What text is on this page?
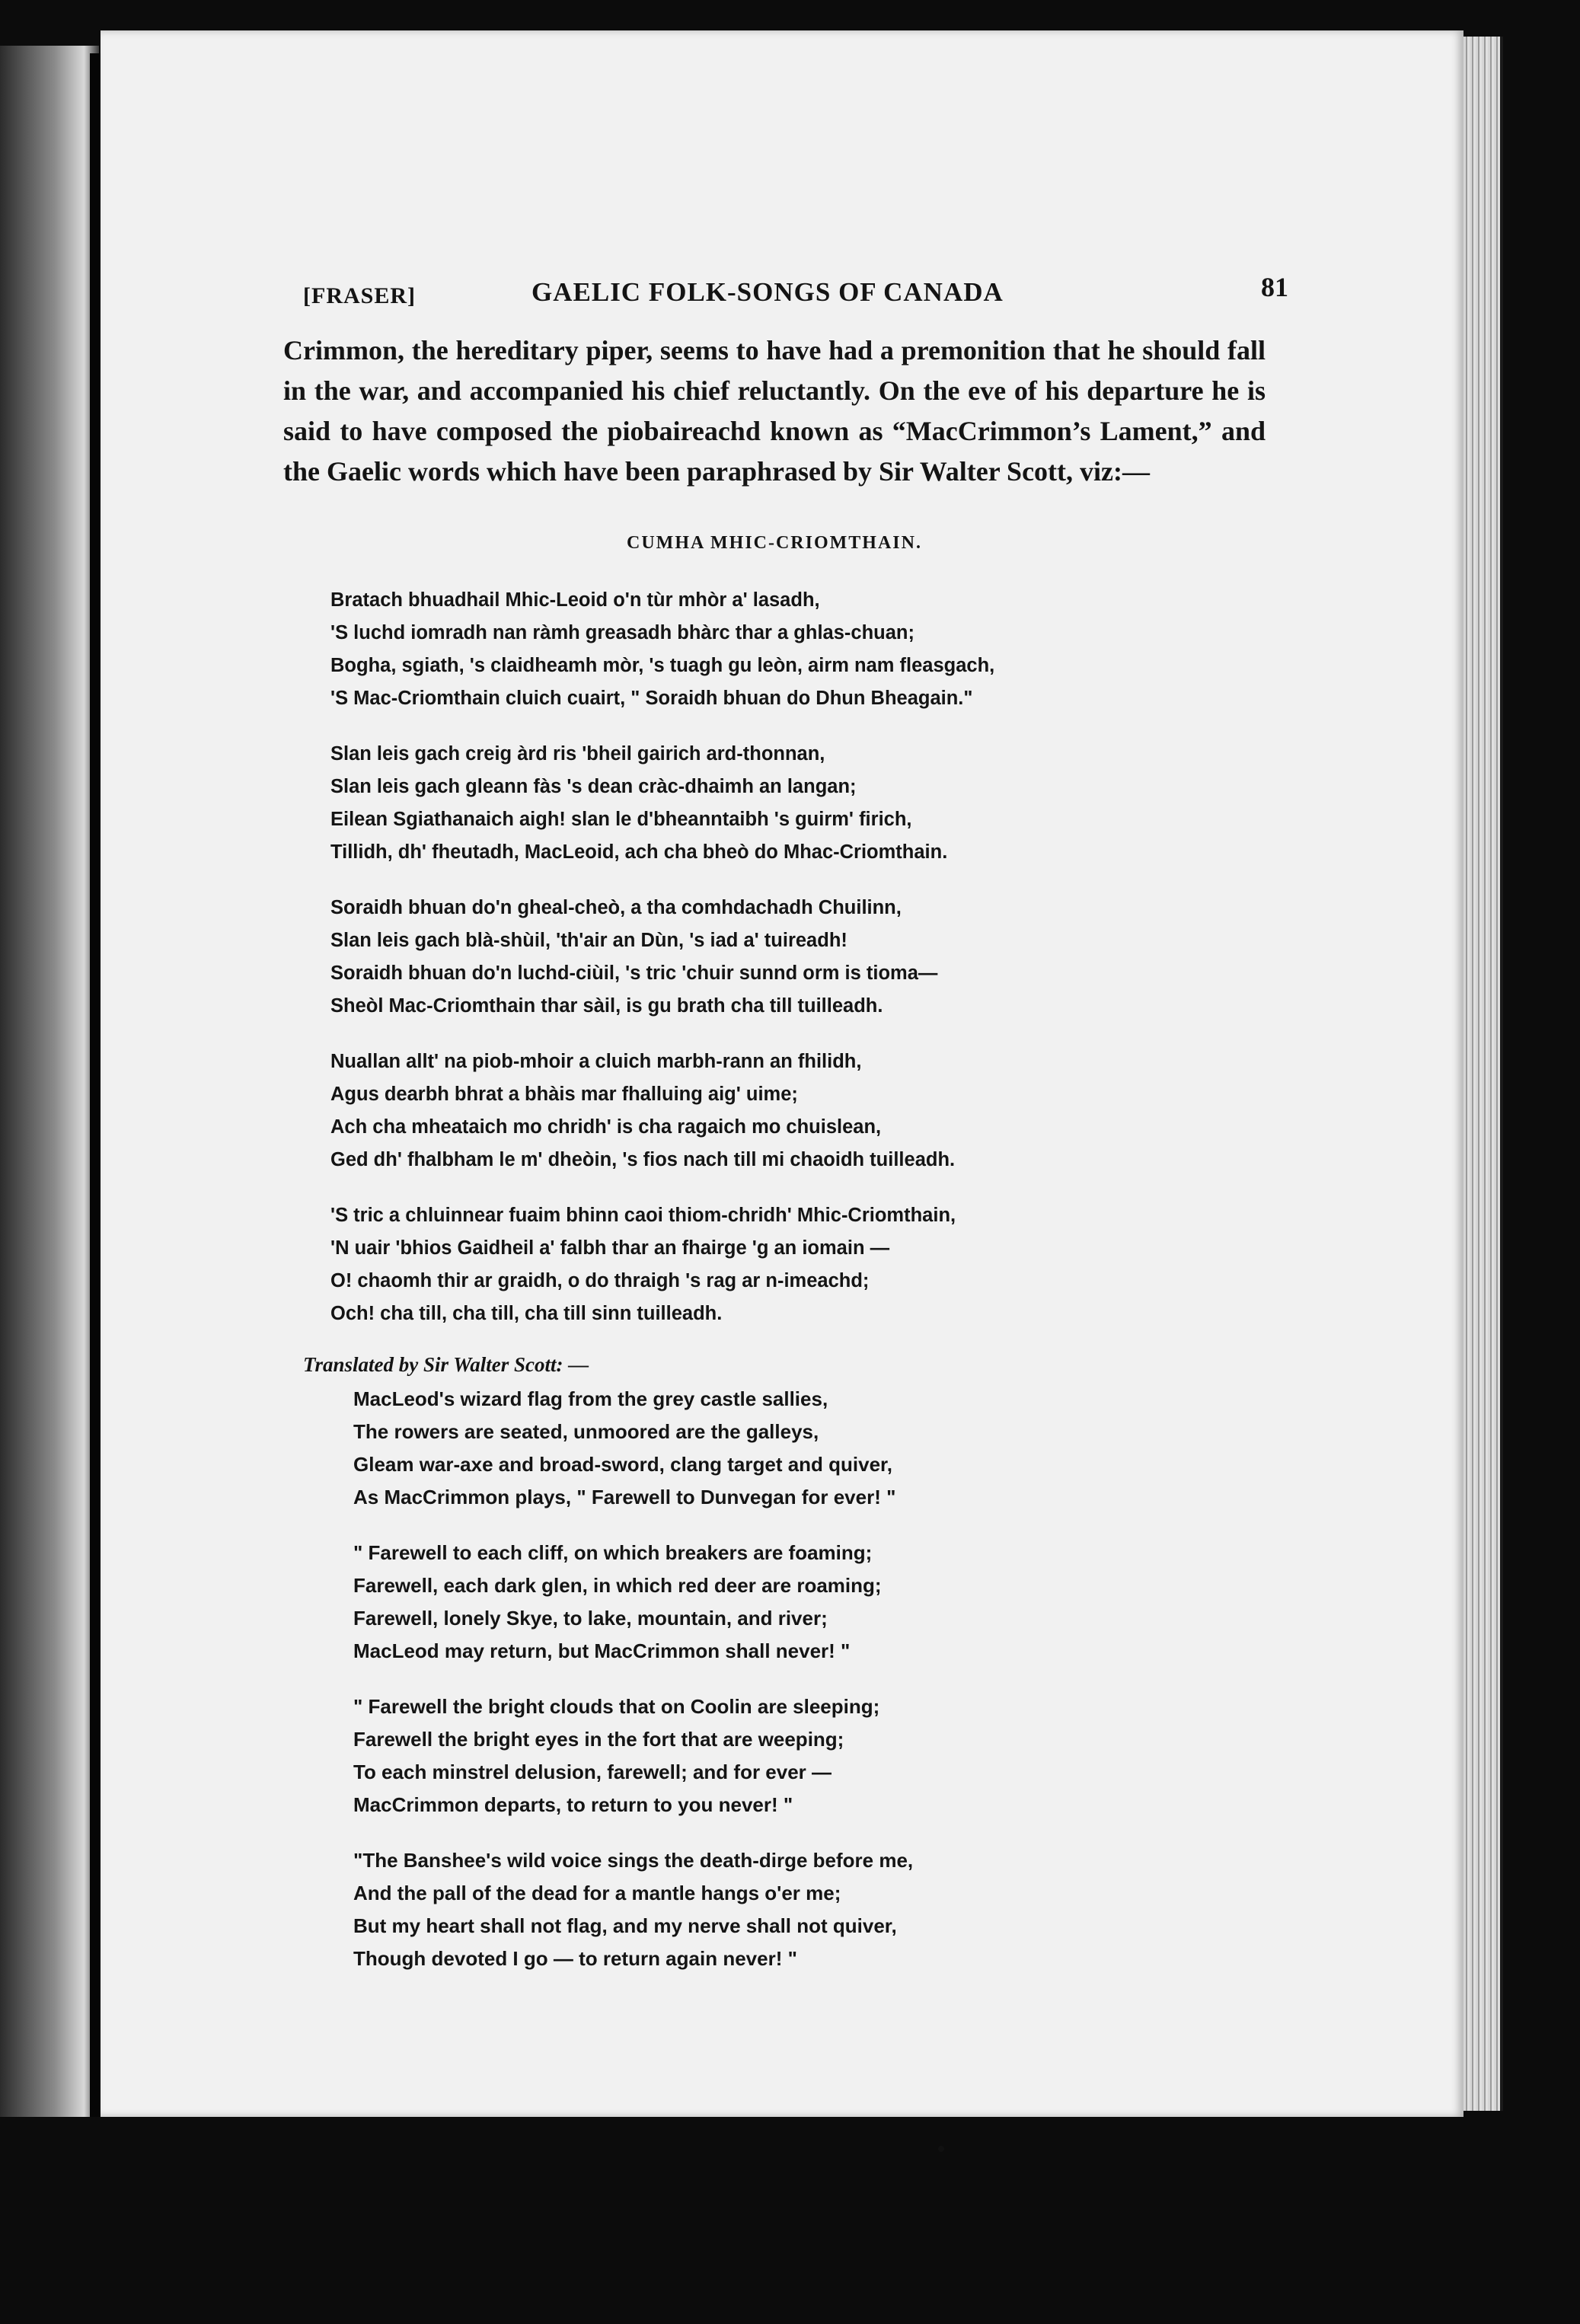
[FRASER]	GAELIC FOLK-SONGS OF CANADA	81

Crimmon, the hereditary piper, seems to have had a premonition that he should fall in the war, and accompanied his chief reluctantly. On the eve of his departure he is said to have composed the piobaireachd known as “MacCrimmon’s Lament,” and the Gaelic words which have been paraphrased by Sir Walter Scott, viz:—

CUMHA MHIC-CRIOMTHAIN.
Bratach bhuadhail Mhic-Leoid o'n tùr mhòr a' lasadh,
'S luchd iomradh nan ràmh greasadh bhàrc thar a ghlas-chuan;
Bogha, sgiath, 's claidheamh mòr, 's tuagh gu leòn, airm nam fleasgach,
'S Mac-Criomthain cluich cuairt, " Soraidh bhuan do Dhun Bheagain."
Slan leis gach creig àrd ris 'bheil gairich ard-thonnan,
Slan leis gach gleann fàs 's dean cràc-dhaimh an langan;
Eilean Sgiathanaich aigh! slan le d'bheanntaibh 's guirm' firich,
Tillidh, dh' fheutadh, MacLeoid, ach cha bheò do Mhac-Criomthain.
Soraidh bhuan do'n gheal-cheò, a tha comhdachadh Chuilinn,
Slan leis gach blà-shùil, 'th'air an Dùn, 's iad a' tuireadh!
Soraidh bhuan do'n luchd-ciùil, 's tric 'chuir sunnd orm is tioma—
Sheòl Mac-Criomthain thar sàil, is gu brath cha till tuilleadh.
Nuallan allt' na piob-mhoir a cluich marbh-rann an fhilidh,
Agus dearbh bhrat a bhàis mar fhalluing aig' uime;
Ach cha mheataich mo chridh' is cha ragaich mo chuislean,
Ged dh' fhalbham le m' dheòin, 's fios nach till mi chaoidh tuilleadh.
'S tric a chluinnear fuaim bhinn caoi thiom-chridh' Mhic-Criomthain,
'N uair 'bhios Gaidheil a' falbh thar an fhairge 'g an iomain —
O! chaomh thir ar graidh, o do thraigh 's rag ar n-imeachd;
Och! cha till, cha till, cha till sinn tuilleadh.
Translated by Sir Walter Scott: —
MacLeod's wizard flag from the grey castle sallies,
The rowers are seated, unmoored are the galleys,
Gleam war-axe and broad-sword, clang target and quiver,
As MacCrimmon plays, " Farewell to Dunvegan for ever! "
" Farewell to each cliff, on which breakers are foaming;
Farewell, each dark glen, in which red deer are roaming;
Farewell, lonely Skye, to lake, mountain, and river;
MacLeod may return, but MacCrimmon shall never! "
" Farewell the bright clouds that on Coolin are sleeping;
Farewell the bright eyes in the fort that are weeping;
To each minstrel delusion, farewell; and for ever —
MacCrimmon departs, to return to you never! "
"The Banshee's wild voice sings the death-dirge before me,
And the pall of the dead for a mantle hangs o'er me;
But my heart shall not flag, and my nerve shall not quiver,
Though devoted I go — to return again never! "
